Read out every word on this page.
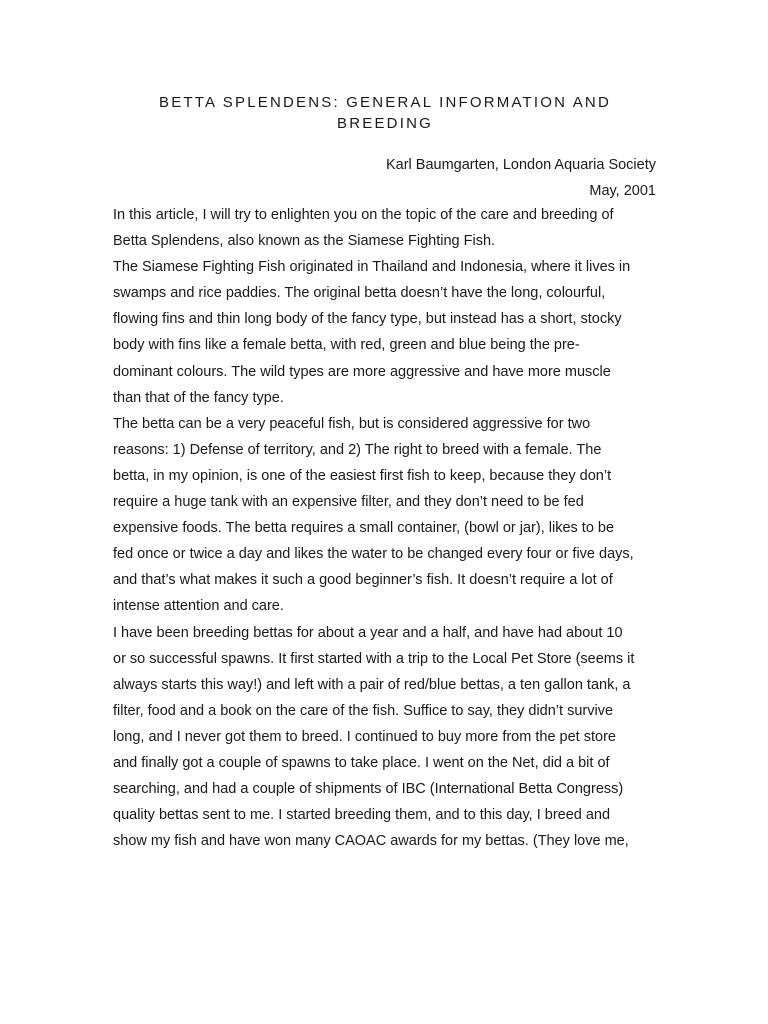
BETTA SPLENDENS: GENERAL INFORMATION AND BREEDING
Karl Baumgarten, London Aquaria Society
May, 2001
In this article, I will try to enlighten you on the topic of the care and breeding of
Betta Splendens, also known as the Siamese Fighting Fish.
The Siamese Fighting Fish originated in Thailand and Indonesia, where it lives in
swamps and rice paddies. The original betta doesn’t have the long, colourful,
flowing fins and thin long body of the fancy type, but instead has a short, stocky
body with fins like a female betta, with red, green and blue being the pre-
dominant colours. The wild types are more aggressive and have more muscle
than that of the fancy type.
The betta can be a very peaceful fish, but is considered aggressive for two
reasons: 1) Defense of territory, and 2) The right to breed with a female. The
betta, in my opinion, is one of the easiest first fish to keep, because they don’t
require a huge tank with an expensive filter, and they don’t need to be fed
expensive foods. The betta requires a small container, (bowl or jar), likes to be
fed once or twice a day and likes the water to be changed every four or five days,
and that’s what makes it such a good beginner’s fish. It doesn’t require a lot of
intense attention and care.
I have been breeding bettas for about a year and a half, and have had about 10
or so successful spawns. It first started with a trip to the Local Pet Store (seems it
always starts this way!) and left with a pair of red/blue bettas, a ten gallon tank, a
filter, food and a book on the care of the fish. Suffice to say, they didn’t survive
long, and I never got them to breed. I continued to buy more from the pet store
and finally got a couple of spawns to take place. I went on the Net, did a bit of
searching, and had a couple of shipments of IBC (International Betta Congress)
quality bettas sent to me. I started breeding them, and to this day, I breed and
show my fish and have won many CAOAC awards for my bettas. (They love me,
